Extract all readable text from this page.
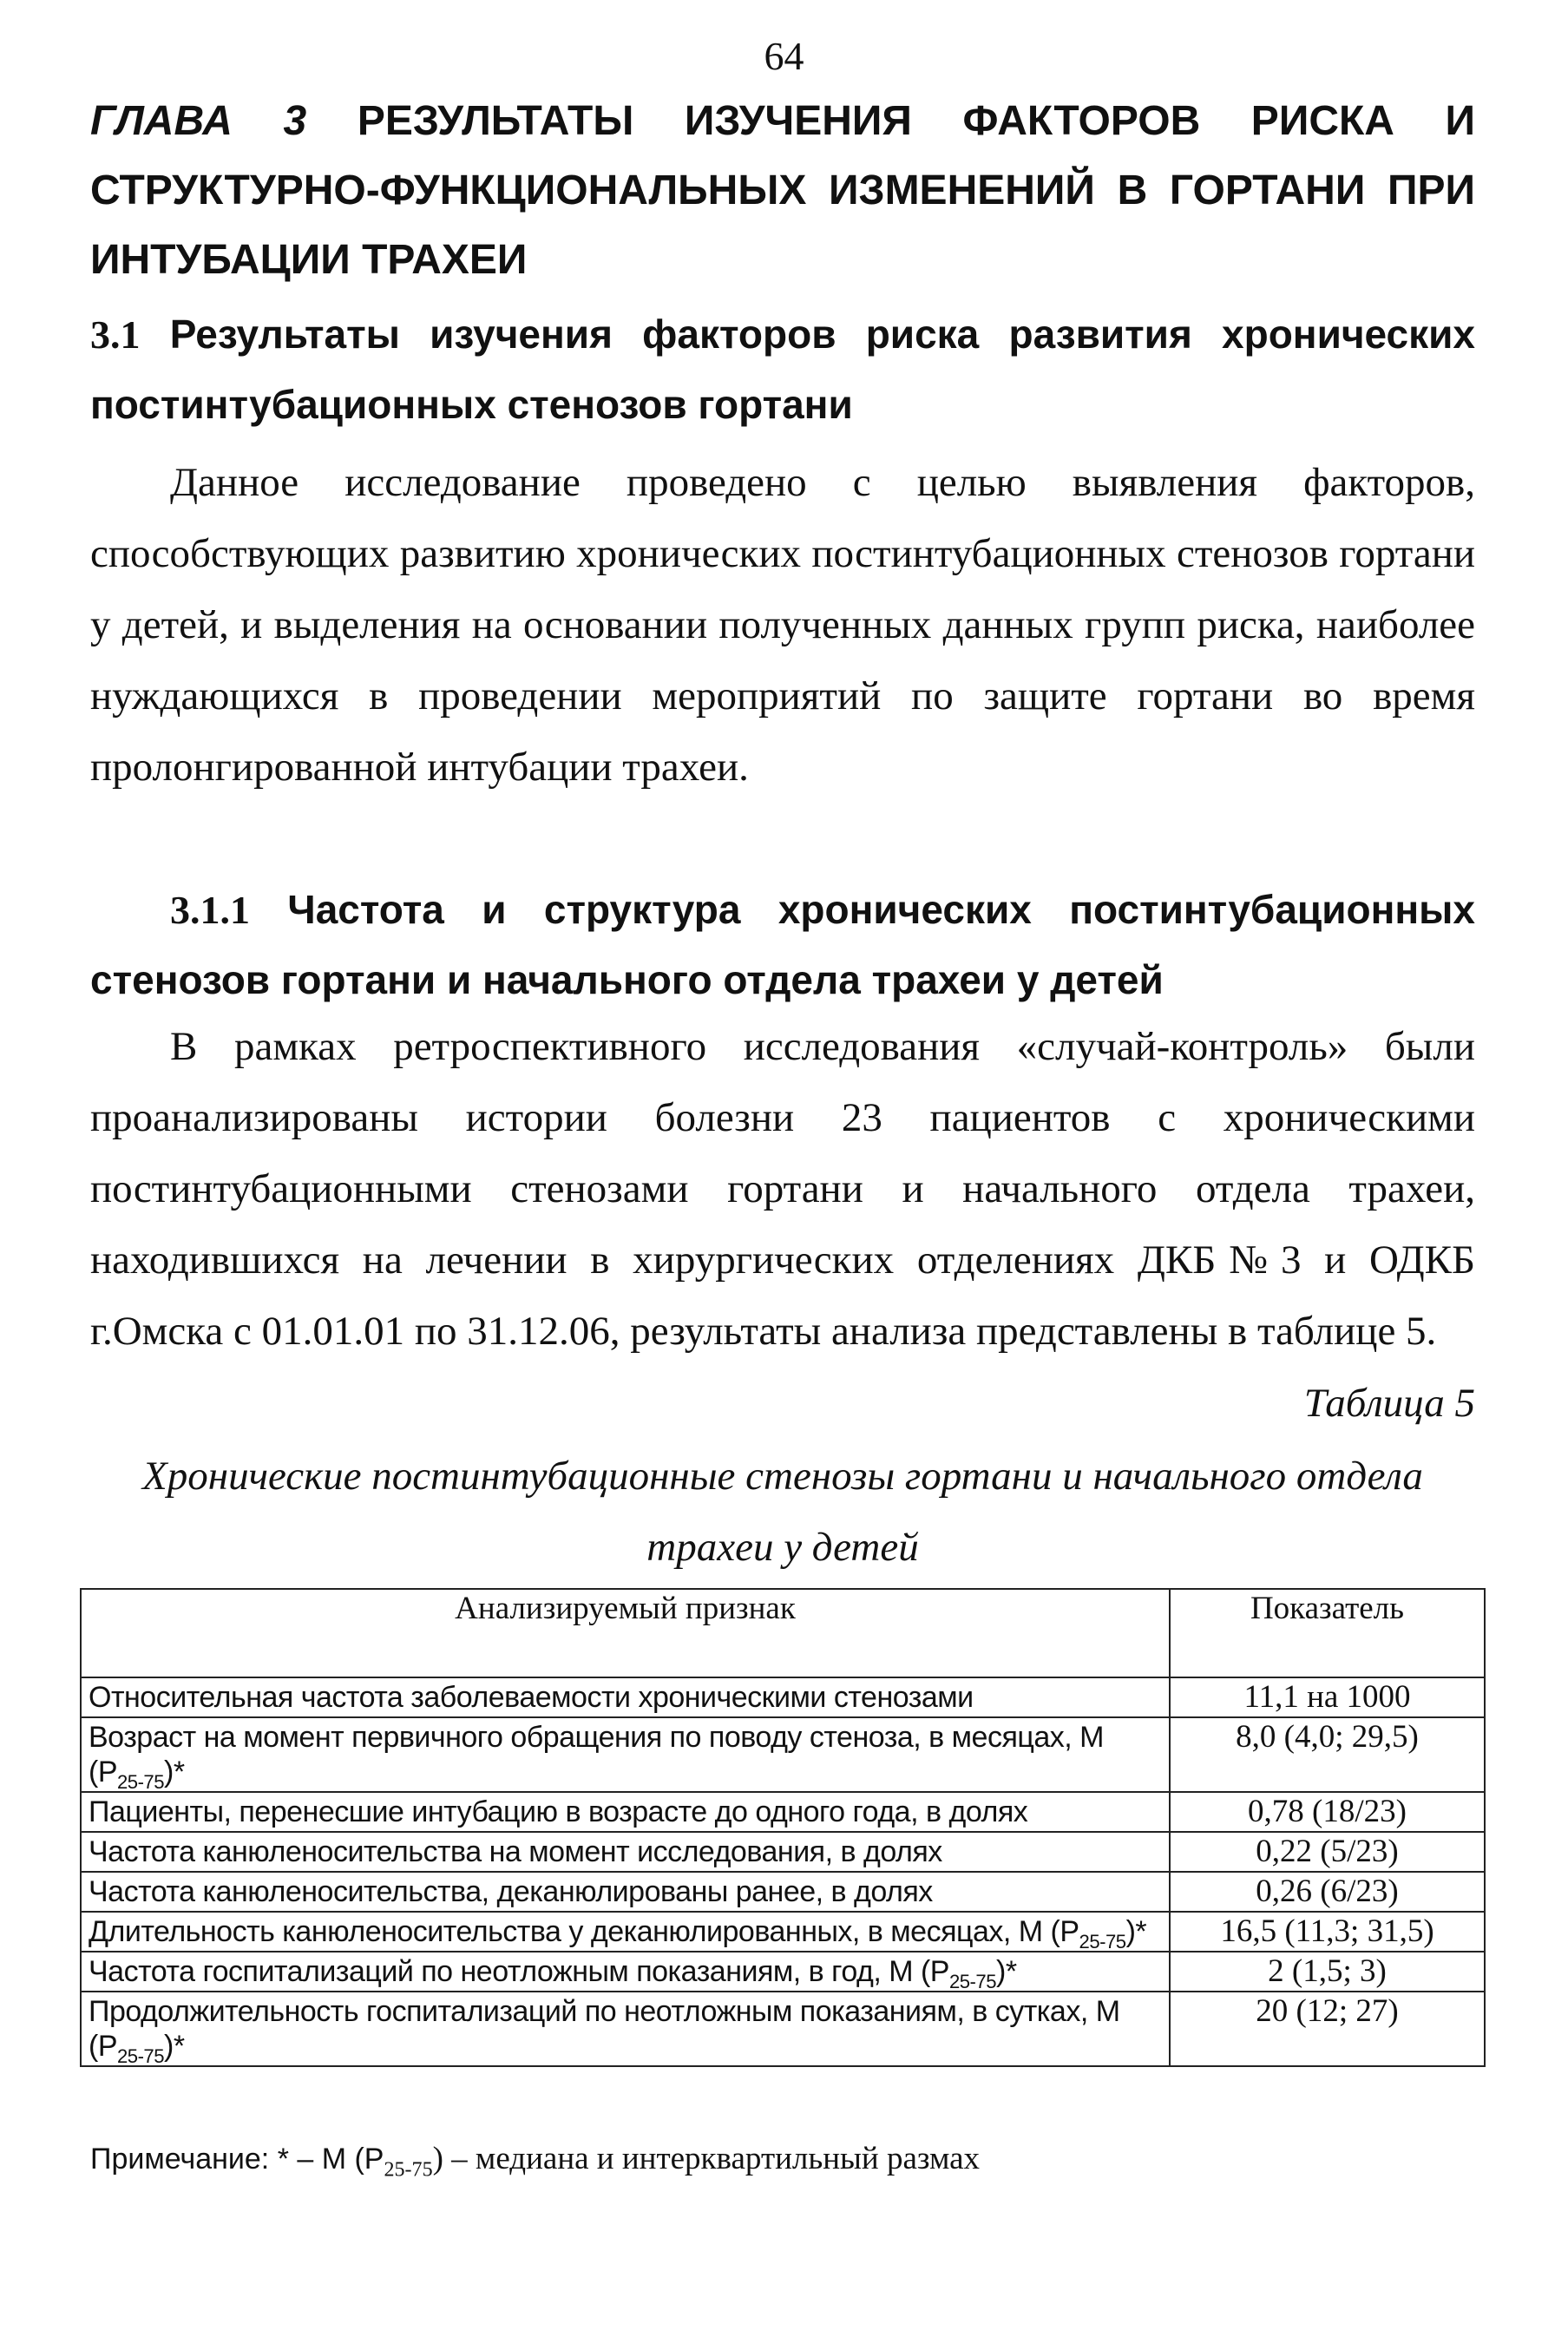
64
ГЛАВА 3 РЕЗУЛЬТАТЫ ИЗУЧЕНИЯ ФАКТОРОВ РИСКА И СТРУКТУРНО-ФУНКЦИОНАЛЬНЫХ ИЗМЕНЕНИЙ В ГОРТАНИ ПРИ ИНТУБАЦИИ ТРАХЕИ
3.1 Результаты изучения факторов риска развития хронических
постинтубационных стенозов гортани
Данное исследование проведено с целью выявления факторов, способствующих развитию хронических постинтубационных стенозов гортани у детей, и выделения на основании полученных данных групп риска, наиболее нуждающихся в проведении мероприятий по защите гортани во время пролонгированной интубации трахеи.
3.1.1 Частота и структура хронических постинтубационных стенозов гортани и начального отдела трахеи у детей
В рамках ретроспективного исследования «случай-контроль» были проанализированы истории болезни 23 пациентов с хроническими постинтубационными стенозами гортани и начального отдела трахеи, находившихся на лечении в хирургических отделениях ДКБ№3 и ОДКБ г.Омска с 01.01.01 по 31.12.06, результаты анализа представлены в таблице 5.
Таблица 5
Хронические постинтубационные стенозы гортани и начального отдела трахеи у детей
Анализируемый признак	Показатель
Относительная частота заболеваемости хроническими стенозами	11,1 на 1000
Возраст на момент первичного обращения по поводу стеноза, в месяцах, М $(Р_{25-75})*$	8,0 (4,0; 29,5)
Пациенты, перенесшие интубацию в возрасте до одного года, в долях	0,78 (18/23)
Частота канюленосительства на момент исследования, в долях	0,22 (5/23)
Частота канюленосительства, деканюлированы ранее, в долях	0,26 (6/23)
Длительность канюленосительства у деканюлированных, в месяцах, М $(Р_{25-75})*$	16,5 (11,3; 31,5)
Частота госпитализаций по неотложным показаниям, в год, М $(Р_{25-75})*$	2 (1,5; 3)
Продолжительность госпитализаций по неотложным показаниям, в сутках, М $(Р_{25-75})*$	20 (12; 27)
Примечание: * – М $(Р_{25-75})$ – медиана и интерквартильный размах
